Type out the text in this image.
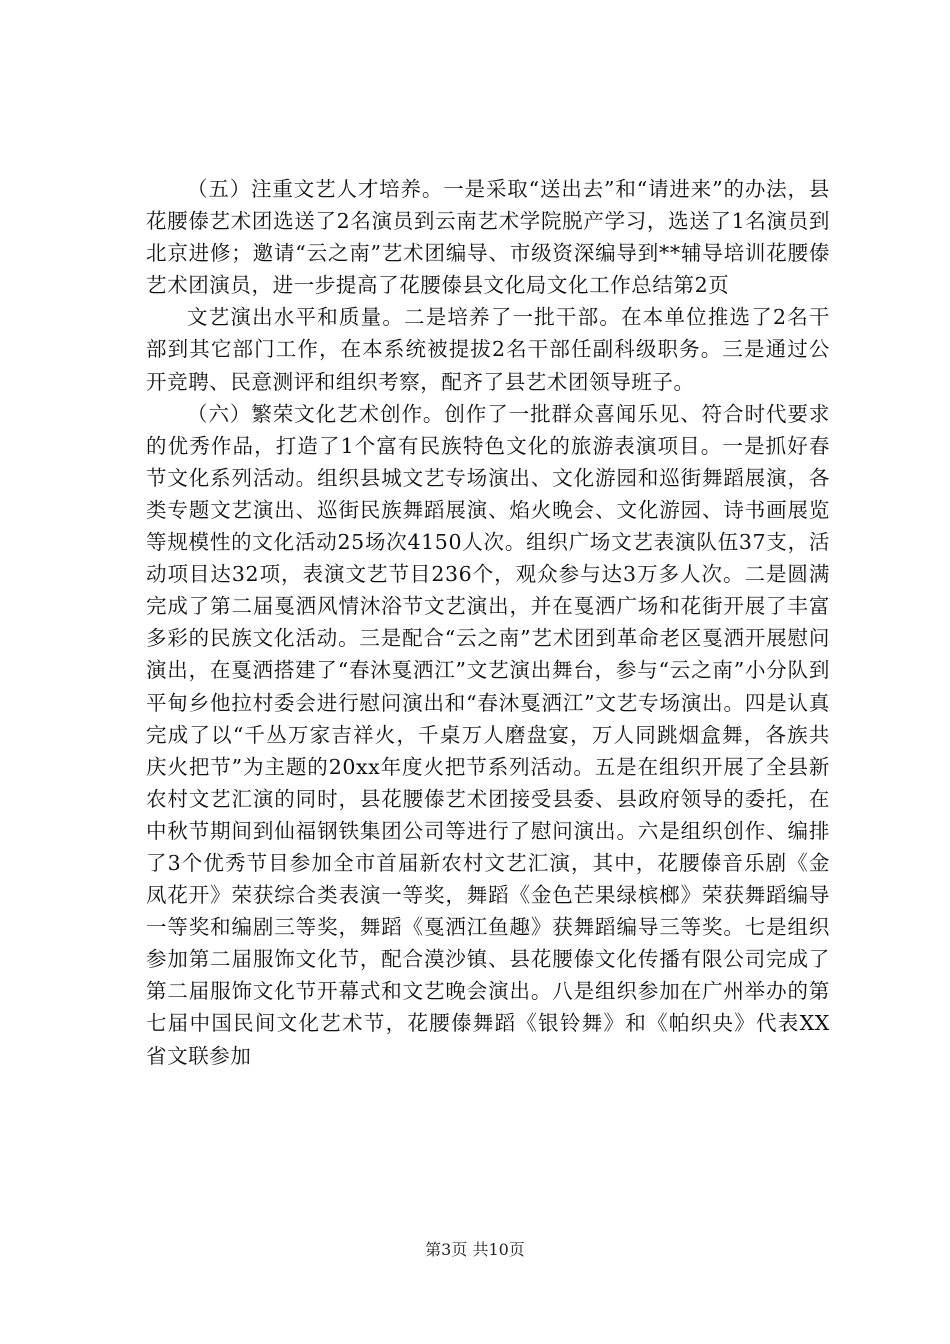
（五）注重文艺人才培养。一是采取“送出去”和“请进来”的办法，县花腰傣艺术团选送了2名演员到云南艺术学院脱产学习，选送了1名演员到北京进修；邀请“云之南”艺术团编导、市级资深编导到**辅导培训花腰傣艺术团演员，进一步提高了花腰傣县文化局文化工作总结第2页

文艺演出水平和质量。二是培养了一批干部。在本单位推选了2名干部到其它部门工作，在本系统被提拔2名干部任副科级职务。三是通过公开竞聘、民意测评和组织考察，配齐了县艺术团领导班子。

（六）繁荣文化艺术创作。创作了一批群众喜闻乐见、符合时代要求的优秀作品，打造了1个富有民族特色文化的旅游表演项目。一是抓好春节文化系列活动。组织县城文艺专场演出、文化游园和巡街舞蹈展演，各类专题文艺演出、巡街民族舞蹈展演、焰火晚会、文化游园、诗书画展览等规模性的文化活动25场次4150人次。组织广场文艺表演队伍37支，活动项目达32项，表演文艺节目236个，观众参与达3万多人次。二是圆满完成了第二届戛洒风情沐浴节文艺演出，并在戛洒广场和花街开展了丰富多彩的民族文化活动。三是配合“云之南”艺术团到革命老区戛洒开展慰问演出，在戛洒搭建了“春沐戛洒江”文艺演出舞台，参与“云之南”小分队到平甸乡他拉村委会进行慰问演出和“春沐戛洒江”文艺专场演出。四是认真完成了以“千丛万家吉祥火，千桌万人磨盘宴，万人同跳烟盒舞，各族共庆火把节”为主题的20xx年度火把节系列活动。五是在组织开展了全县新农村文艺汇演的同时，县花腰傣艺术团接受县委、县政府领导的委托，在中秋节期间到仙福钢铁集团公司等进行了慰问演出。六是组织创作、编排了3个优秀节目参加全市首届新农村文艺汇演，其中，花腰傣音乐剧《金凤花开》荣获综合类表演一等奖，舞蹈《金色芒果绿槟榔》荣获舞蹈编导一等奖和编剧三等奖，舞蹈《戛洒江鱼趣》获舞蹈编导三等奖。七是组织参加第二届服饰文化节，配合漠沙镇、县花腰傣文化传播有限公司完成了第二届服饰文化节开幕式和文艺晚会演出。八是组织参加在广州举办的第七届中国民间文化艺术节，花腰傣舞蹈《银铃舞》和《帕织央》代表XX省文联参加

第3页 共10页
